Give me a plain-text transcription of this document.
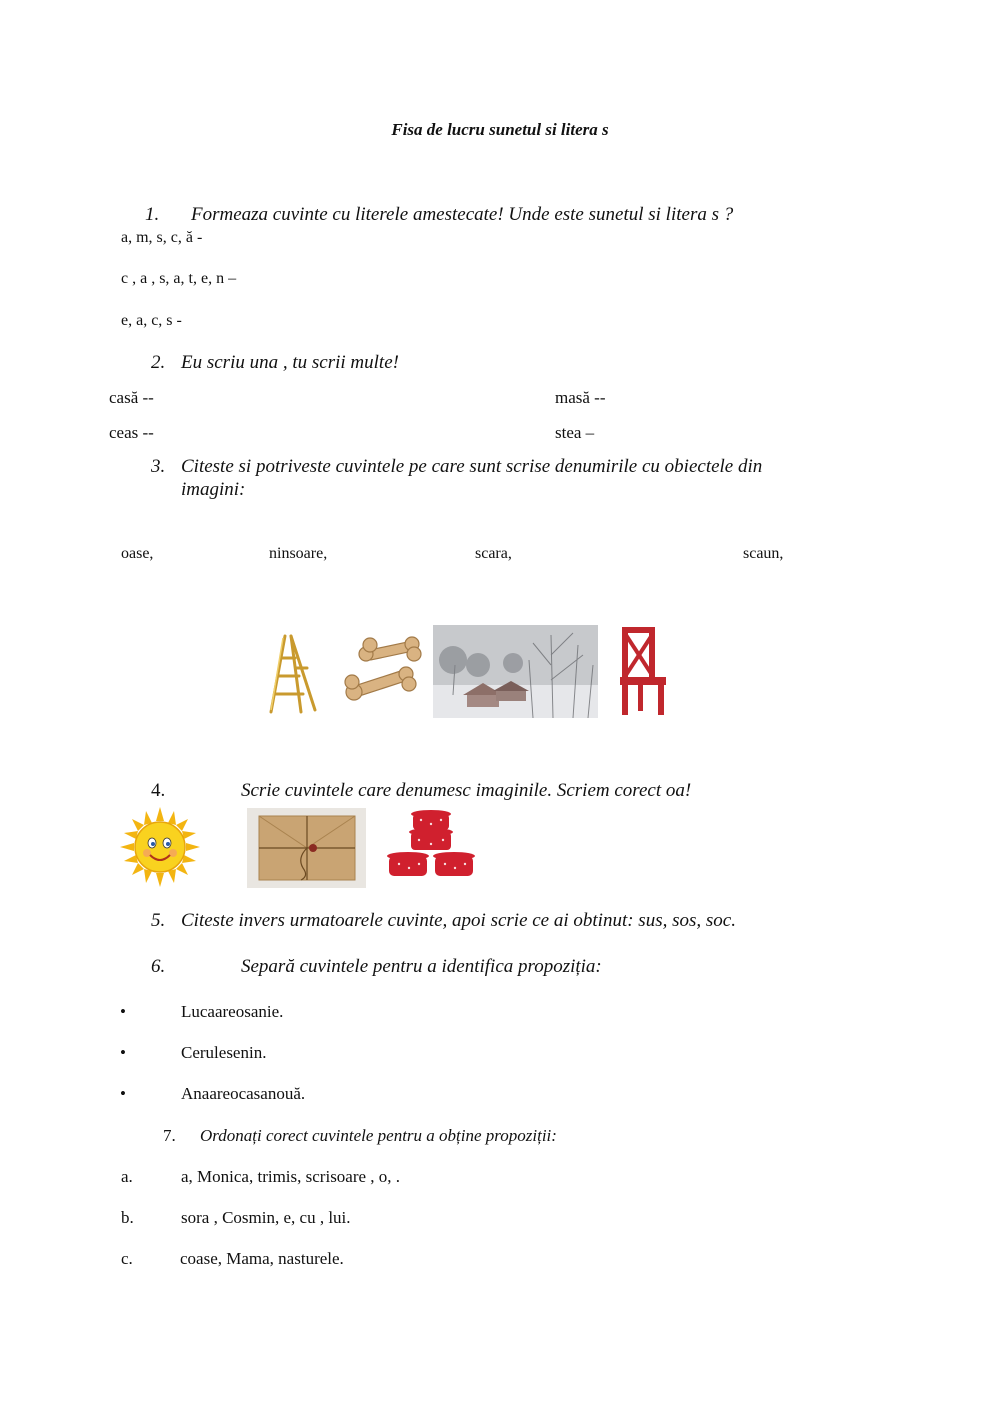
Fisa de lucru sunetul si litera s
1. Formeaza cuvinte cu literele amestecate! Unde este sunetul si litera s ?
a, m, s, c, ă -
c , a , s, a, t, e, n –
e, a, c, s -
2. Eu scriu una , tu scrii multe!
casă --	masă --
ceas --	stea –
3. Citeste si potriveste cuvintele pe care sunt scrise denumirile cu obiectele din
imagini:
oase,	ninsoare,	scara,	scaun,
4.	Scrie cuvintele care denumesc imaginile. Scriem corect oa!
5. Citeste invers urmatoarele cuvinte, apoi scrie ce ai obtinut: sus, sos, soc.
6.	Separă cuvintele pentru a identifica propoziția:
•	Lucaareosanie.
•	Cerulesenin.
•	Anaareocasanouă.
7. Ordonați corect cuvintele pentru a obține propoziții:
a.	a, Monica, trimis, scrisoare , o, .
b.	sora , Cosmin, e, cu , lui.
c.	coase, Mama, nasturele.
